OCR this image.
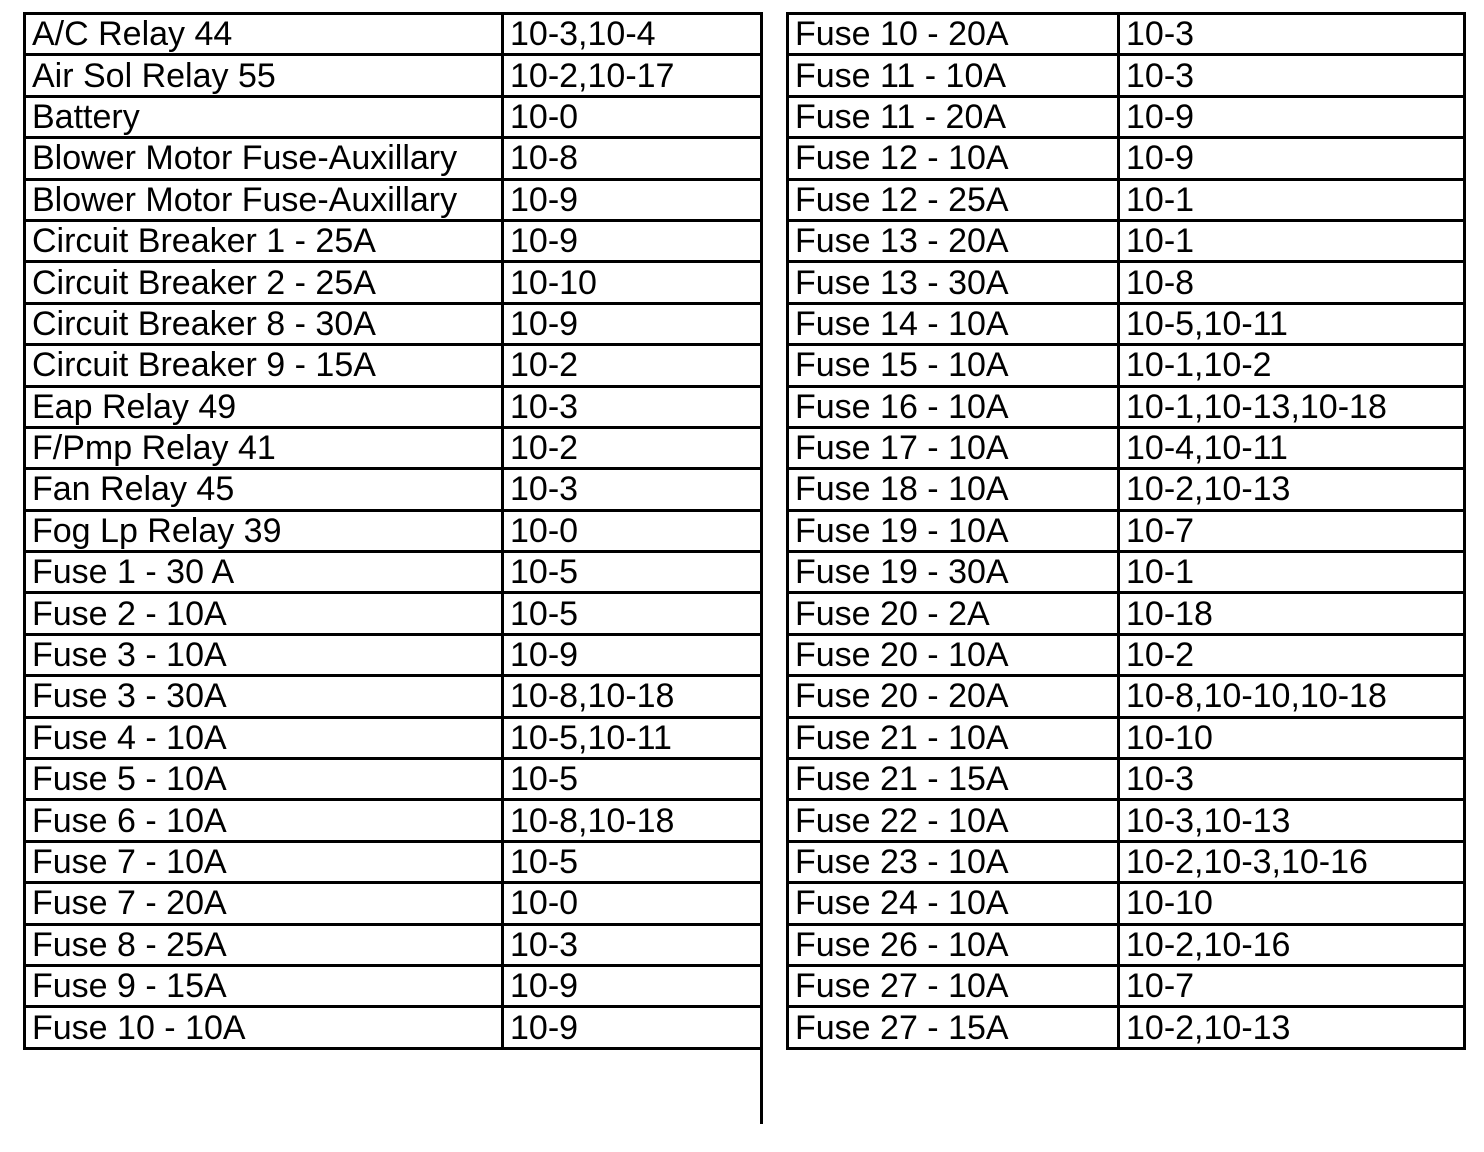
A/C Relay 44	10-3,10-4
Air Sol Relay 55	10-2,10-17
Battery	10-0
Blower Motor Fuse-Auxillary	10-8
Blower Motor Fuse-Auxillary	10-9
Circuit Breaker 1 - 25A	10-9
Circuit Breaker 2 - 25A	10-10
Circuit Breaker 8 - 30A	10-9
Circuit Breaker 9 - 15A	10-2
Eap Relay 49	10-3
F/Pmp Relay 41	10-2
Fan Relay 45	10-3
Fog Lp Relay 39	10-0
Fuse 1 - 30 A	10-5
Fuse 2 - 10A	10-5
Fuse 3 - 10A	10-9
Fuse 3 - 30A	10-8,10-18
Fuse 4 - 10A	10-5,10-11
Fuse 5 - 10A	10-5
Fuse 6 - 10A	10-8,10-18
Fuse 7 - 10A	10-5
Fuse 7 - 20A	10-0
Fuse 8 - 25A	10-3
Fuse 9 - 15A	10-9
Fuse 10 - 10A	10-9
Fuse 10 - 20A	10-3
Fuse 11 - 10A	10-3
Fuse 11 - 20A	10-9
Fuse 12 - 10A	10-9
Fuse 12 - 25A	10-1
Fuse 13 - 20A	10-1
Fuse 13 - 30A	10-8
Fuse 14 - 10A	10-5,10-11
Fuse 15 - 10A	10-1,10-2
Fuse 16 - 10A	10-1,10-13,10-18
Fuse 17 - 10A	10-4,10-11
Fuse 18 - 10A	10-2,10-13
Fuse 19 - 10A	10-7
Fuse 19 - 30A	10-1
Fuse 20 - 2A	10-18
Fuse 20 - 10A	10-2
Fuse 20 - 20A	10-8,10-10,10-18
Fuse 21 - 10A	10-10
Fuse 21 - 15A	10-3
Fuse 22 - 10A	10-3,10-13
Fuse 23 - 10A	10-2,10-3,10-16
Fuse 24 - 10A	10-10
Fuse 26 - 10A	10-2,10-16
Fuse 27 - 10A	10-7
Fuse 27 - 15A	10-2,10-13
